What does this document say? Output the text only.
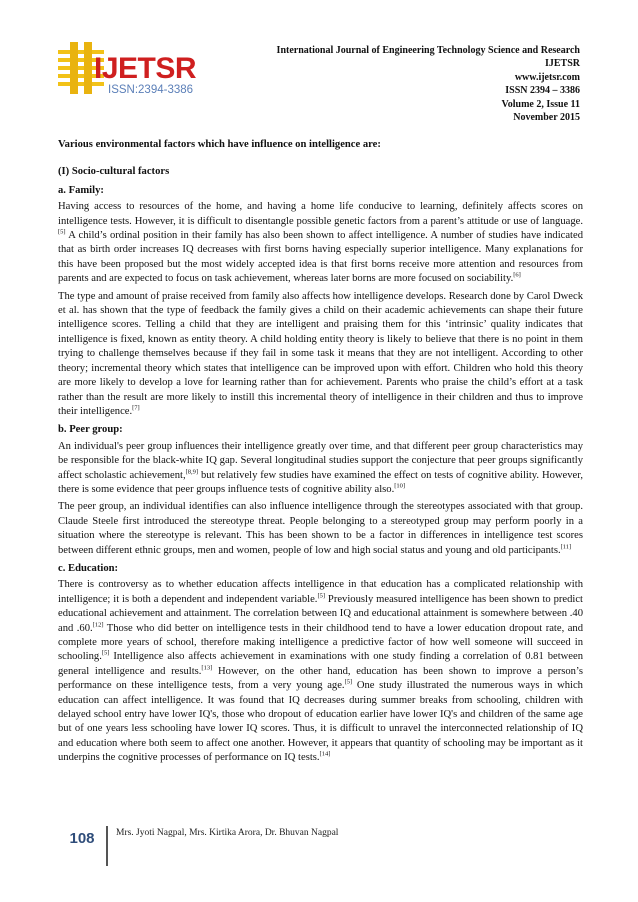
IJETSR
ISSN:2394-3386
International Journal of Engineering Technology Science and Research
IJETSR
www.ijetsr.com
ISSN 2394 – 3386
Volume 2, Issue 11
November 2015
Various environmental factors which have influence on intelligence are:
(I) Socio-cultural factors
a. Family:
Having access to resources of the home, and having a home life conducive to learning, definitely affects scores on intelligence tests. However, it is difficult to disentangle possible genetic factors from a parent’s attitude or use of language.[5] A child’s ordinal position in their family has also been shown to affect intelligence. A number of studies have indicated that as birth order increases IQ decreases with first borns having especially superior intelligence. Many explanations for this have been proposed but the most widely accepted idea is that first borns receive more attention and resources from parents and are expected to focus on task achievement, whereas later borns are more focused on sociability.[6]
The type and amount of praise received from family also affects how intelligence develops. Research done by Carol Dweck et al. has shown that the type of feedback the family gives a child on their academic achievements can shape their future intelligence scores. Telling a child that they are intelligent and praising them for this ‘intrinsic’ quality indicates that intelligence is fixed, known as entity theory. A child holding entity theory is likely to believe that there is no point in them trying to challenge themselves because if they fail in some task it means that they are not intelligent. According to other theory; incremental theory which states that intelligence can be improved upon with effort. Children who hold this theory are more likely to develop a love for learning rather than for achievement. Parents who praise the child’s effort at a task rather than the result are more likely to instill this incremental theory of intelligence in their children and thus to improve their intelligence.[7]
b. Peer group:
An individual's peer group influences their intelligence greatly over time, and that different peer group characteristics may be responsible for the black-white IQ gap. Several longitudinal studies support the conjecture that peer groups significantly affect scholastic achievement,[8,9] but relatively few studies have examined the effect on tests of cognitive ability. However, there is some evidence that peer groups influence tests of cognitive ability also.[10]
The peer group, an individual identifies can also influence intelligence through the stereotypes associated with that group. Claude Steele first introduced the stereotype threat. People belonging to a stereotyped group may perform poorly in a situation where the stereotype is relevant. This has been shown to be a factor in differences in intelligence test scores between different ethnic groups, men and women, people of low and high social status and young and old participants.[11]
c. Education:
There is controversy as to whether education affects intelligence in that education has a complicated relationship with intelligence; it is both a dependent and independent variable.[5] Previously measured intelligence has been shown to predict educational achievement and attainment. The correlation between IQ and educational attainment is somewhere between .40 and .60.[12] Those who did better on intelligence tests in their childhood tend to have a lower education dropout rate, and complete more years of school, therefore making intelligence a predictive factor of how well someone will succeed in schooling.[5] Intelligence also affects achievement in examinations with one study finding a correlation of 0.81 between general intelligence and results.[13] However, on the other hand, education has been shown to improve a person’s performance on these intelligence tests, from a very young age.[5] One study illustrated the numerous ways in which education can affect intelligence. It was found that IQ decreases during summer breaks from schooling, children with delayed school entry have lower IQ's, those who dropout of education earlier have lower IQ's and children of the same age but of one years less schooling have lower IQ scores. Thus, it is difficult to unravel the interconnected relationship of IQ and education where both seem to affect one another. However, it appears that quantity of schooling may be important as it underpins the cognitive processes of performance on IQ tests.[14]
108	Mrs. Jyoti Nagpal, Mrs. Kirtika Arora, Dr. Bhuvan Nagpal
